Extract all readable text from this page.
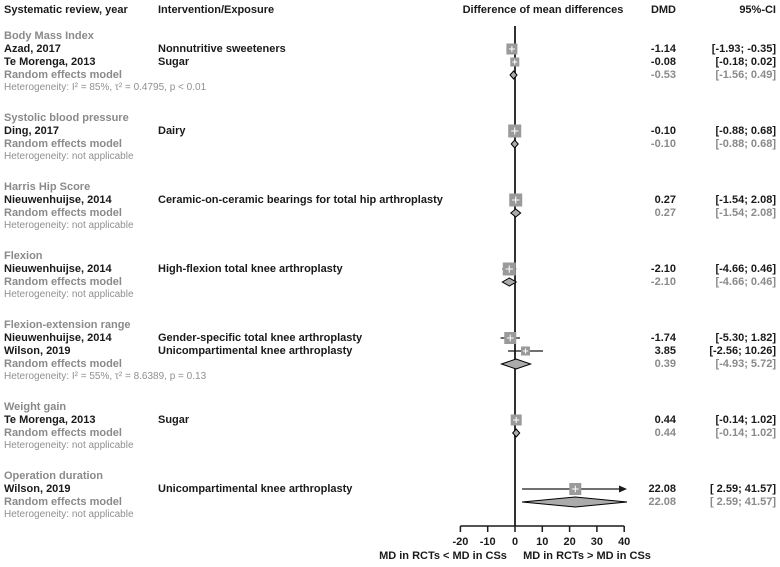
Systematic review, year	Intervention/Exposure	Difference of mean differences	DMD	95%-CI
Body Mass Index
Azad, 2017	Nonnutritive sweeteners	-1.14	[-1.93; -0.35]
Te Morenga, 2013	Sugar	-0.08	[-0.18; 0.02]
Random effects model	-0.53	[-1.56; 0.49]
Heterogeneity: I² = 85%, τ² = 0.4795, p < 0.01
Systolic blood pressure
Ding, 2017	Dairy	-0.10	[-0.88; 0.68]
Random effects model	-0.10	[-0.88; 0.68]
Heterogeneity: not applicable
Harris Hip Score
Nieuwenhuijse, 2014	Ceramic-on-ceramic bearings for total hip arthroplasty	0.27	[-1.54; 2.08]
Random effects model	0.27	[-1.54; 2.08]
Heterogeneity: not applicable
Flexion
Nieuwenhuijse, 2014	High-flexion total knee arthroplasty	-2.10	[-4.66; 0.46]
Random effects model	-2.10	[-4.66; 0.46]
Heterogeneity: not applicable
Flexion-extension range
Nieuwenhuijse, 2014	Gender-specific total knee arthroplasty	-1.74	[-5.30; 1.82]
Wilson, 2019	Unicompartimental knee arthroplasty	3.85	[-2.56; 10.26]
Random effects model	0.39	[-4.93; 5.72]
Heterogeneity: I² = 55%, τ² = 8.6389, p = 0.13
Weight gain
Te Morenga, 2013	Sugar	0.44	[-0.14; 1.02]
Random effects model	0.44	[-0.14; 1.02]
Heterogeneity: not applicable
Operation duration
Wilson, 2019	Unicompartimental knee arthroplasty	22.08	[ 2.59; 41.57]
Random effects model	22.08	[ 2.59; 41.57]
Heterogeneity: not applicable
-20 -10 0 10 20 30 40
MD in RCTs < MD in CSs MD in RCTs > MD in CSs
